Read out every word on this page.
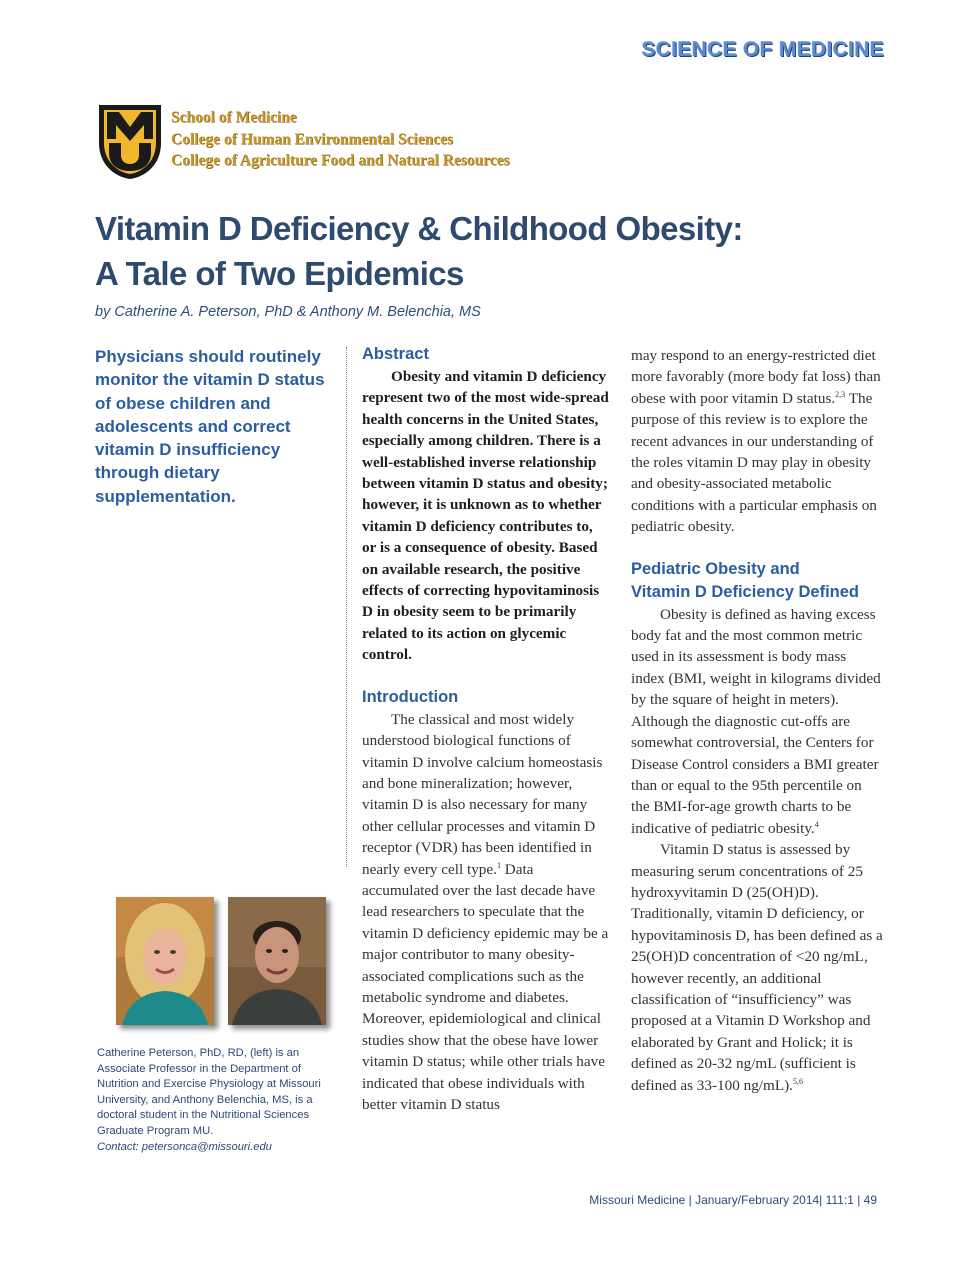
SCIENCE OF MEDICINE
School of Medicine
College of Human Environmental Sciences
College of Agriculture Food and Natural Resources
Vitamin D Deficiency & Childhood Obesity:
A Tale of Two Epidemics
by Catherine A. Peterson, PhD & Anthony M. Belenchia, MS
Physicians should routinely monitor the vitamin D status of obese children and adolescents and correct vitamin D insufficiency through dietary supplementation.
Catherine Peterson, PhD, RD, (left) is an Associate Professor in the Department of Nutrition and Exercise Physiology at Missouri University, and Anthony Belenchia, MS, is a doctoral student in the Nutritional Sciences Graduate Program MU.
Contact: petersonca@missouri.edu
Abstract

Obesity and vitamin D deficiency represent two of the most wide-spread health concerns in the United States, especially among children. There is a well-established inverse relationship between vitamin D status and obesity; however, it is unknown as to whether vitamin D deficiency contributes to, or is a consequence of obesity. Based on available research, the positive effects of correcting hypovitaminosis D in obesity seem to be primarily related to its action on glycemic control.

Introduction

The classical and most widely understood biological functions of vitamin D involve calcium homeostasis and bone mineralization; however, vitamin D is also necessary for many other cellular processes and vitamin D receptor (VDR) has been identified in nearly every cell type.$^1$ Data accumulated over the last decade have lead researchers to speculate that the vitamin D deficiency epidemic may be a major contributor to many obesity-associated complications such as the metabolic syndrome and diabetes. Moreover, epidemiological and clinical studies show that the obese have lower vitamin D status; while other trials have indicated that obese individuals with better vitamin D status

may respond to an energy-restricted diet more favorably (more body fat loss) than obese with poor vitamin D status.$^{2,3}$ The purpose of this review is to explore the recent advances in our understanding of the roles vitamin D may play in obesity and obesity-associated metabolic conditions with a particular emphasis on pediatric obesity.

Pediatric Obesity and
Vitamin D Deficiency Defined

Obesity is defined as having excess body fat and the most common metric used in its assessment is body mass index (BMI, weight in kilograms divided by the square of height in meters). Although the diagnostic cut-offs are somewhat controversial, the Centers for Disease Control considers a BMI greater than or equal to the 95th percentile on the BMI-for-age growth charts to be indicative of pediatric obesity.$^4$

Vitamin D status is assessed by measuring serum concentrations of 25 hydroxyvitamin D (25(OH)D). Traditionally, vitamin D deficiency, or hypovitaminosis D, has been defined as a 25(OH)D concentration of <20 ng/mL, however recently, an additional classification of “insufficiency” was proposed at a Vitamin D Workshop and elaborated by Grant and Holick; it is defined as 20-32 ng/mL (sufficient is defined as 33-100 ng/mL).$^{5,6}$

Missouri Medicine | January/February 2014| 111:1 | 49
